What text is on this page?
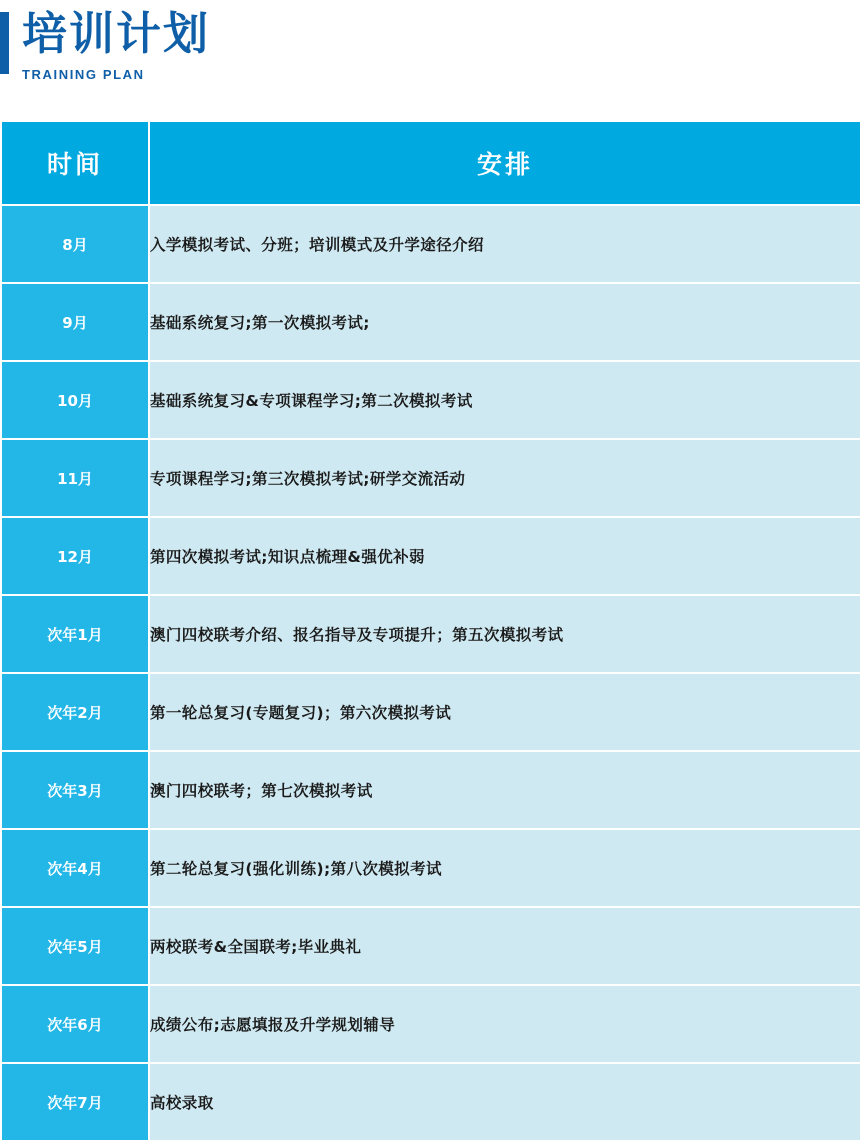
培训计划
TRAINING PLAN
时间	安排
8月	入学模拟考试、分班；培训模式及升学途径介绍
9月	基础系统复习;第一次模拟考试;
10月	基础系统复习&专项课程学习;第二次模拟考试
11月	专项课程学习;第三次模拟考试;研学交流活动
12月	第四次模拟考试;知识点梳理&强优补弱
次年1月	澳门四校联考介绍、报名指导及专项提升；第五次模拟考试
次年2月	第一轮总复习(专题复习)；第六次模拟考试
次年3月	澳门四校联考；第七次模拟考试
次年4月	第二轮总复习(强化训练);第八次模拟考试
次年5月	两校联考&全国联考;毕业典礼
次年6月	成绩公布;志愿填报及升学规划辅导
次年7月	高校录取
